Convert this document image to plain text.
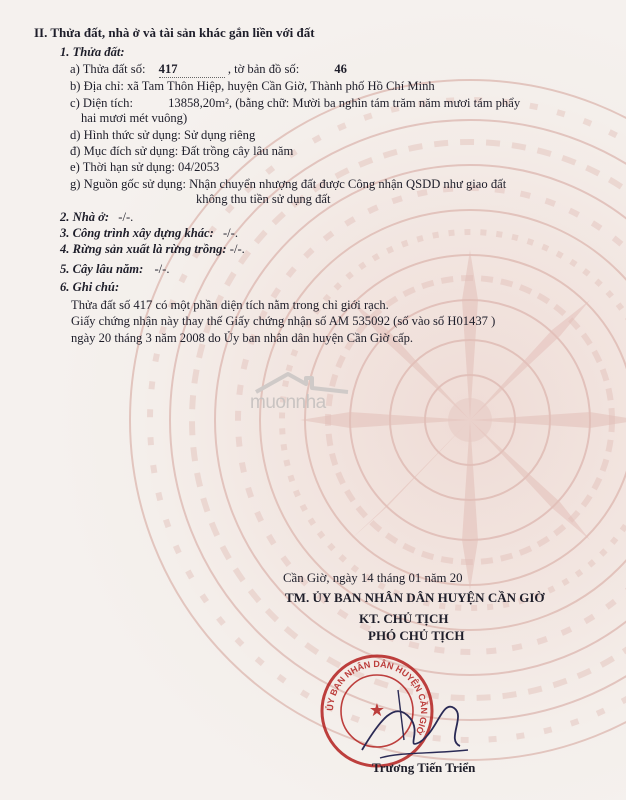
II. Thửa đất, nhà ở và tài sản khác gắn liền với đất
1. Thửa đất:
a) Thửa đất số: 417	, tờ bản đồ số:	46
b) Địa chỉ: xã Tam Thôn Hiệp, huyện Cần Giờ, Thành phố Hồ Chí Minh
c) Diện tích:	13858,20m², (bằng chữ: Mười ba nghìn tám trăm năm mươi tám phẩy
hai mươi mét vuông)
d) Hình thức sử dụng: Sử dụng riêng
đ) Mục đích sử dụng: Đất trồng cây lâu năm
e) Thời hạn sử dụng: 04/2053
g) Nguồn gốc sử dụng: Nhận chuyển nhượng đất được Công nhận QSDD như giao đất
không thu tiền sử dụng đất
2. Nhà ở: -/-.
3. Công trình xây dựng khác: -/-.
4. Rừng sản xuất là rừng trồng: -/-.
5. Cây lâu năm: -/-.
6. Ghi chú:
Thửa đất số 417 có một phần diện tích nằm trong chỉ giới rạch.
Giấy chứng nhận này thay thế Giấy chứng nhận số AM 535092 (số vào số H01437 )
ngày 20 tháng 3 năm 2008 do Ủy ban nhân dân huyện Cần Giờ cấp.
muonnha
Cần Giờ, ngày 14 tháng 01 năm 20
TM. ỦY BAN NHÂN DÂN HUYỆN CẦN GIỜ
KT. CHỦ TỊCH
PHÓ CHỦ TỊCH
ỦY BAN NHÂN DÂN HUYỆN CẦN GIỜ
★
Trương Tiến Triển
